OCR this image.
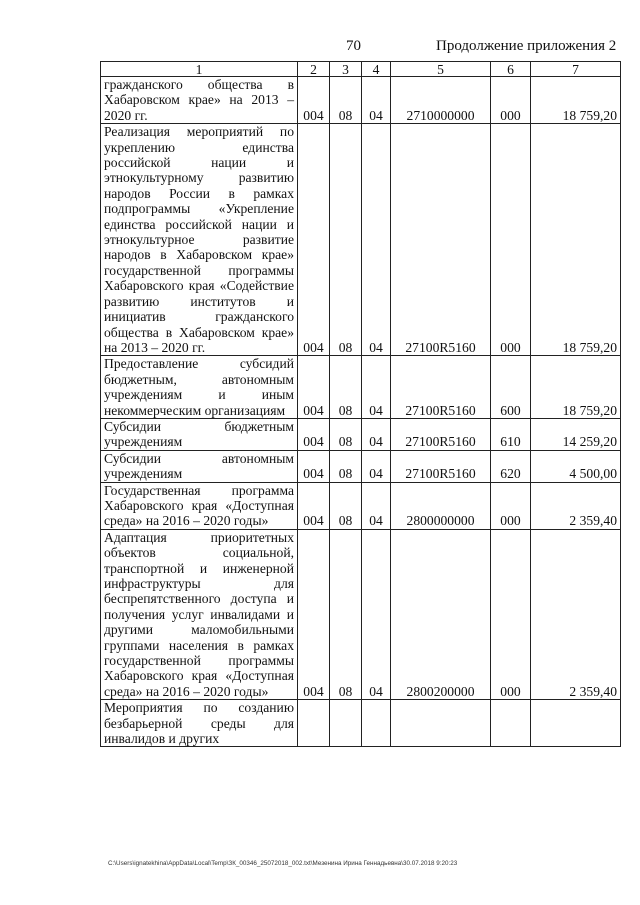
70	Продолжение приложения 2
1	2	3	4	5	6	7
гражданского общества в Хабаровском крае» на 2013 – 2020 гг.	004	08	04	2710000000	000	18 759,20
Реализация мероприятий по укреплению единства российской нации и этнокультурному развитию народов России в рамках подпрограммы «Укрепление единства российской нации и этнокультурное развитие народов в Хабаровском крае» государственной программы Хабаровского края «Содействие развитию институтов и инициатив гражданского общества в Хабаровском крае» на 2013 – 2020 гг.	004	08	04	27100R5160	000	18 759,20
Предоставление субсидий бюджетным, автономным учреждениям и иным некоммерческим организациям	004	08	04	27100R5160	600	18 759,20
Субсидии бюджетным учреждениям	004	08	04	27100R5160	610	14 259,20
Субсидии автономным учреждениям	004	08	04	27100R5160	620	4 500,00
Государственная программа Хабаровского края «Доступная среда» на 2016 – 2020 годы»	004	08	04	2800000000	000	2 359,40
Адаптация приоритетных объектов социальной, транспортной и инженерной инфраструктуры для беспрепятственного доступа и получения услуг инвалидами и другими маломобильными группами населения в рамках государственной программы Хабаровского края «Доступная среда» на 2016 – 2020 годы»	004	08	04	2800200000	000	2 359,40
Мероприятия по созданию безбарьерной среды для инвалидов и других						
C:\Users\ignatekhina\AppData\Local\Temp\ЗК_00346_25072018_002.txt\Мезенина Ирина Геннадьевна\30.07.2018 9:20:23
